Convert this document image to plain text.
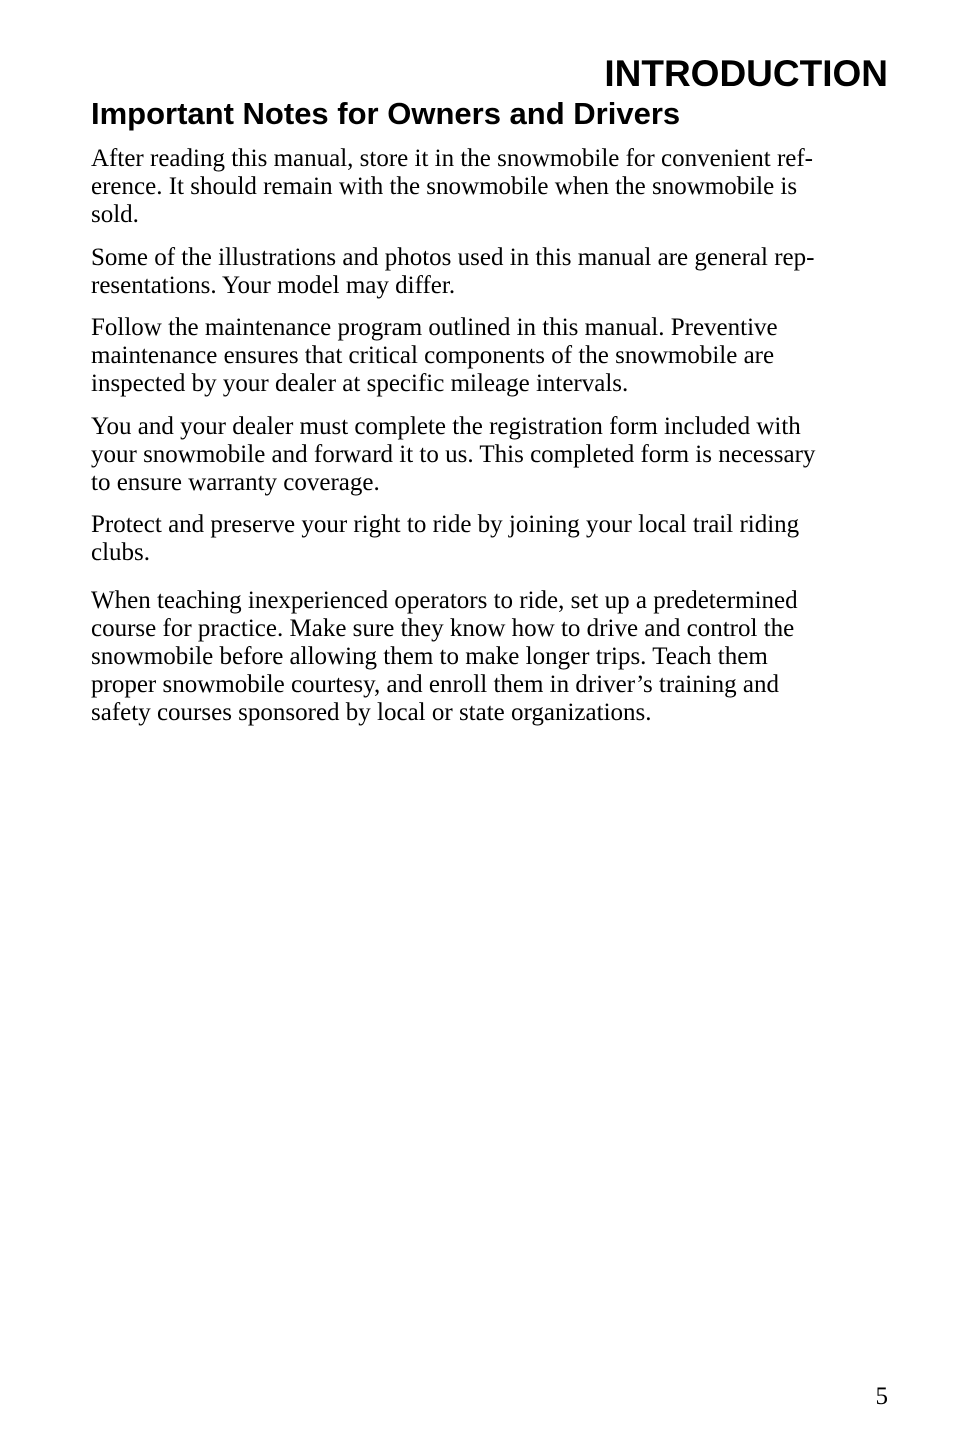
INTRODUCTION
Important Notes for Owners and Drivers

After reading this manual, store it in the snowmobile for convenient ref-
erence. It should remain with the snowmobile when the snowmobile is
sold.

Some of the illustrations and photos used in this manual are general rep-
resentations. Your model may differ.

Follow the maintenance program outlined in this manual. Preventive
maintenance ensures that critical components of the snowmobile are
inspected by your dealer at specific mileage intervals.

You and your dealer must complete the registration form included with
your snowmobile and forward it to us. This completed form is necessary
to ensure warranty coverage.

Protect and preserve your right to ride by joining your local trail riding
clubs.

When teaching inexperienced operators to ride, set up a predetermined
course for practice. Make sure they know how to drive and control the
snowmobile before allowing them to make longer trips. Teach them
proper snowmobile courtesy, and enroll them in driver’s training and
safety courses sponsored by local or state organizations.

5
